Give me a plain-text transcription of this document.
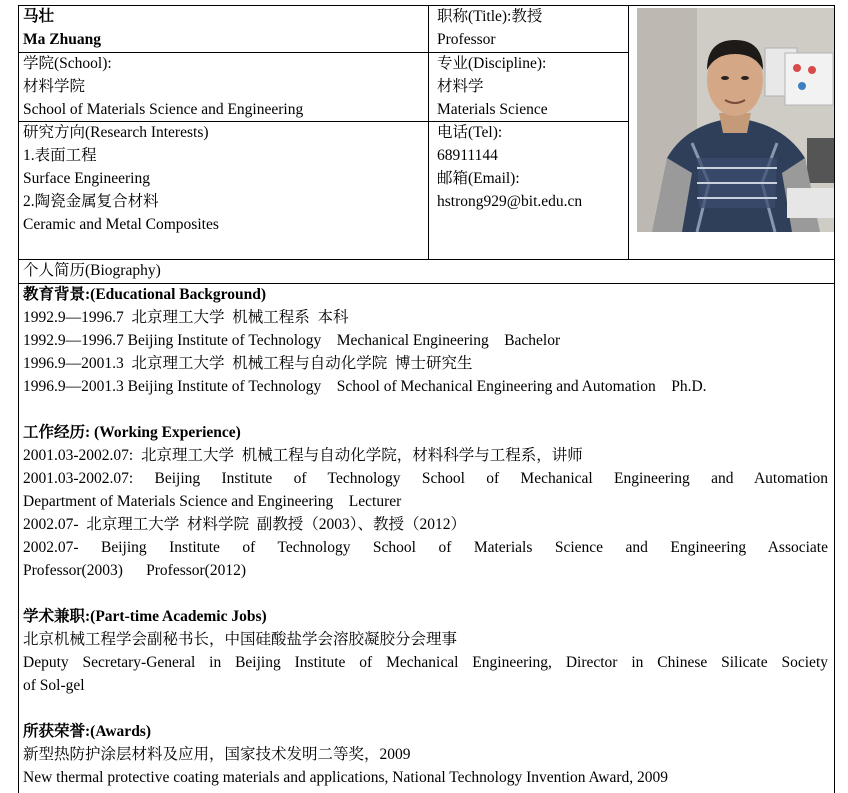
马壮
Ma Zhuang
学院(School):
材料学院
School of Materials Science and Engineering
研究方向(Research Interests)
1.表面工程
Surface Engineering
2.陶瓷金属复合材料
Ceramic and Metal Composites
职称(Title):教授
Professor
专业(Discipline):
材料学
Materials Science
电话(Tel):
68911144
邮箱(Email):
hstrong929@bit.edu.cn
个人简历(Biography)
教育背景:(Educational Background)
1992.9—1996.7  北京理工大学  机械工程系  本科
1992.9—1996.7 Beijing Institute of Technology    Mechanical Engineering    Bachelor
1996.9—2001.3  北京理工大学  机械工程与自动化学院  博士研究生
1996.9—2001.3 Beijing Institute of Technology    School of Mechanical Engineering and Automation    Ph.D.
工作经历: (Working Experience)
2001.03-2002.07:  北京理工大学  机械工程与自动化学院，材料科学与工程系，讲师
2001.03-2002.07: Beijing Institute of Technology School of Mechanical Engineering and Automation
Department of Materials Science and Engineering    Lecturer
2002.07-  北京理工大学  材料学院  副教授（2003）、教授（2012）
2002.07- Beijing Institute of Technology School of Materials Science and Engineering Associate
Professor(2003)      Professor(2012)
学术兼职:(Part-time Academic Jobs)
北京机械工程学会副秘书长，中国硅酸盐学会溶胶凝胶分会理事
Deputy Secretary-General in Beijing Institute of Mechanical Engineering, Director in Chinese Silicate Society
of Sol-gel
所获荣誉:(Awards)
新型热防护涂层材料及应用，国家技术发明二等奖，2009
New thermal protective coating materials and applications, National Technology Invention Award, 2009
